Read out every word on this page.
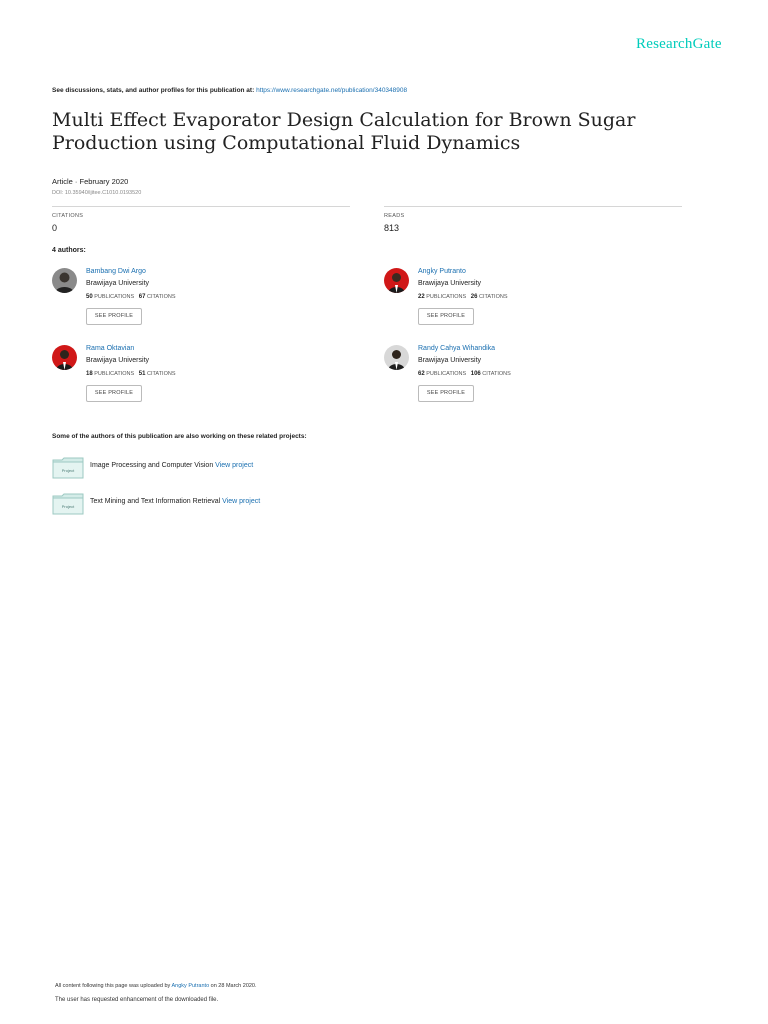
ResearchGate
See discussions, stats, and author profiles for this publication at: https://www.researchgate.net/publication/340348908
Multi Effect Evaporator Design Calculation for Brown Sugar Production using Computational Fluid Dynamics
Article · February 2020
DOI: 10.35940/ijitee.C1010.0193520
CITATIONS
0
READS
813
4 authors:
Bambang Dwi Argo
Brawijaya University
50 PUBLICATIONS 67 CITATIONS
SEE PROFILE
Angky Putranto
Brawijaya University
22 PUBLICATIONS 26 CITATIONS
SEE PROFILE
Rama Oktavian
Brawijaya University
18 PUBLICATIONS 51 CITATIONS
SEE PROFILE
Randy Cahya Wihandika
Brawijaya University
62 PUBLICATIONS 106 CITATIONS
SEE PROFILE
Some of the authors of this publication are also working on these related projects:
Project
Image Processing and Computer Vision View project
Project
Text Mining and Text Information Retrieval View project
All content following this page was uploaded by Angky Putranto on 28 March 2020.
The user has requested enhancement of the downloaded file.
